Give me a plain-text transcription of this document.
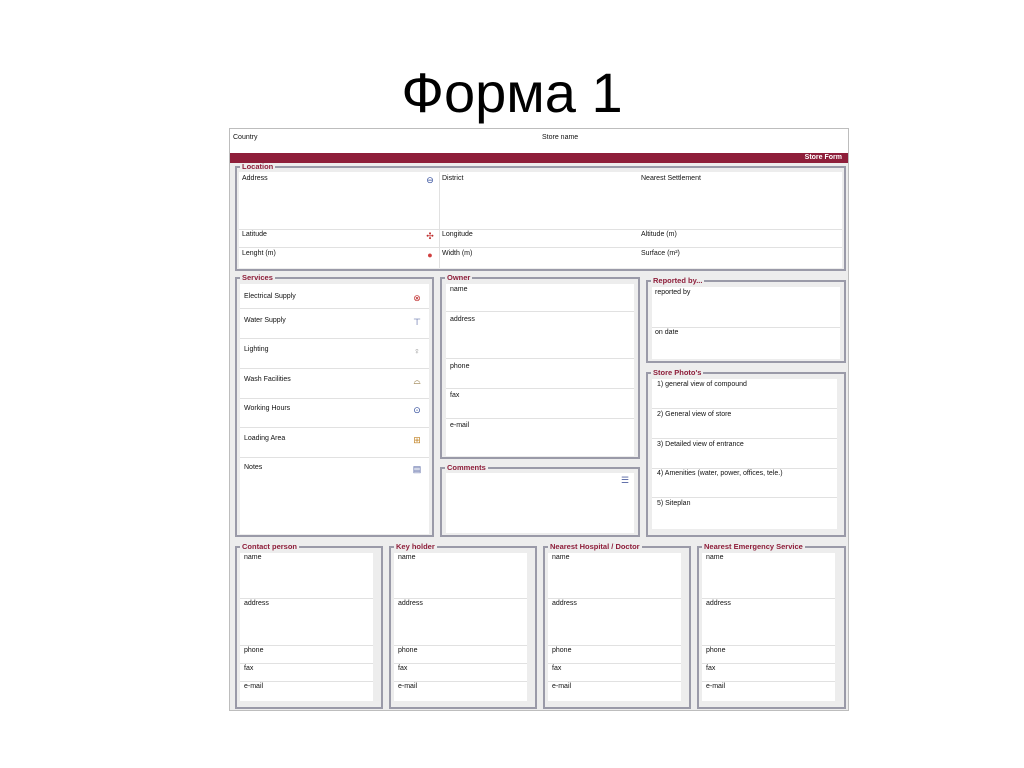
Форма 1
Country	Store name
Store Form
Location
Address	⊖ District	Nearest Settlement
Latitude	✣ Longitude	Altitude (m)
Lenght (m)	●	Width (m)	Surface (m²)
Services
Electrical Supply	⊗
Water Supply	⊤
Lighting	♀
Wash Facilities	⌓
Working Hours	⊙
Loading Area	⊞
Notes	▤
Owner
name
address
phone
fax
e-mail
Comments
☰
Reported by...
reported by
on date
Store Photo's
1) general view of compound
2) General view of store
3) Detailed view of entrance
4) Amenities (water, power, offices, tele.)
5) Siteplan
Contact person
name
address
phone
fax
e-mail
Key holder
name
address
phone
fax
e-mail
Nearest Hospital / Doctor
name
address
phone
fax
e-mail
Nearest Emergency Service
name
address
phone
fax
e-mail
